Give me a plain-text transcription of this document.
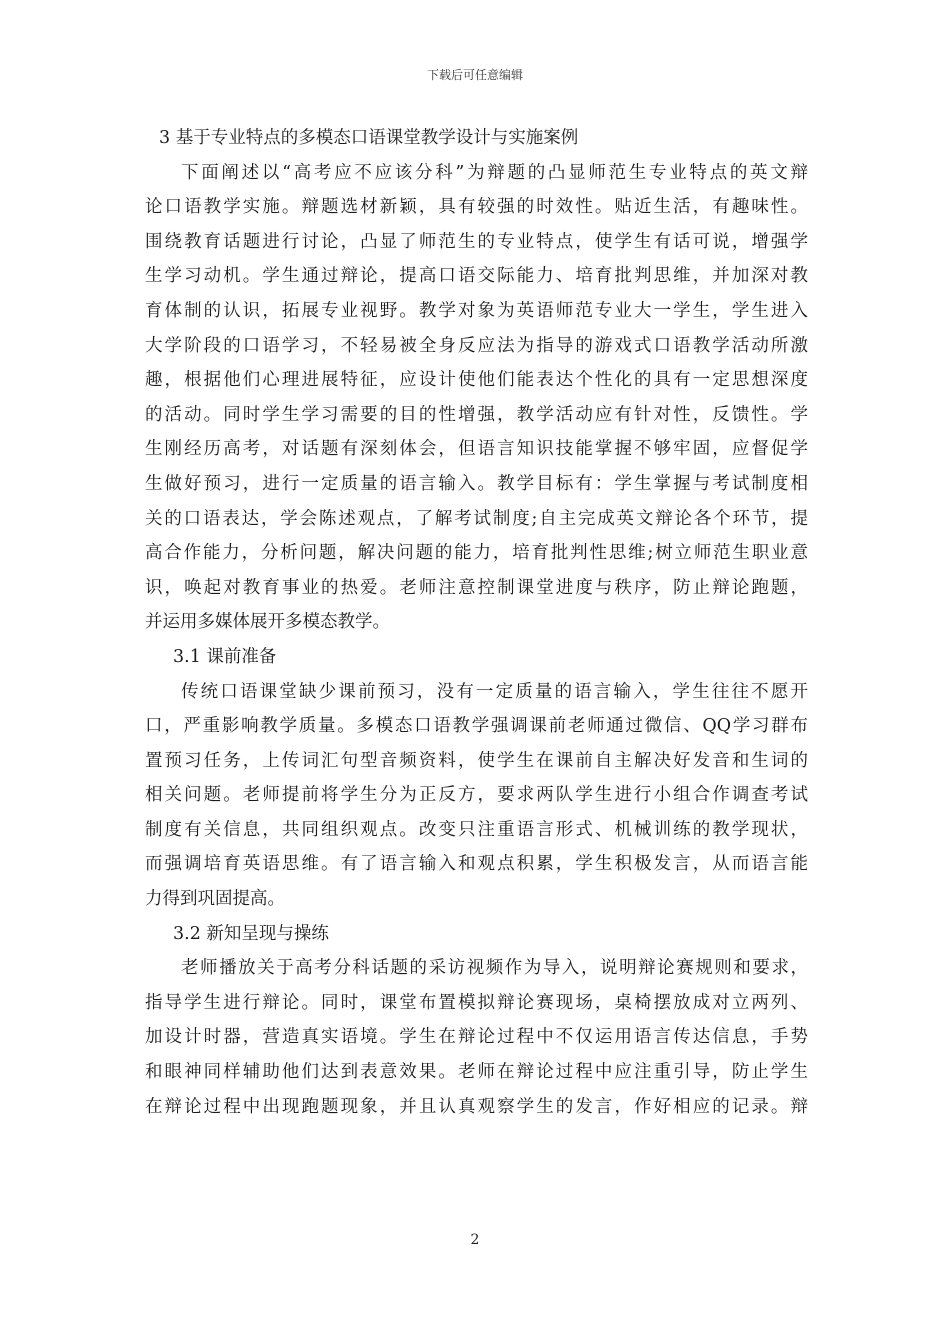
下载后可任意编辑
3 基于专业特点的多模态口语课堂教学设计与实施案例
下面阐述以“高考应不应该分科”为辩题的凸显师范生专业特点的英文辩
论口语教学实施。辩题选材新颖，具有较强的时效性。贴近生活，有趣味性。
围绕教育话题进行讨论，凸显了师范生的专业特点，使学生有话可说，增强学
生学习动机。学生通过辩论，提高口语交际能力、培育批判思维，并加深对教
育体制的认识，拓展专业视野。教学对象为英语师范专业大一学生，学生进入
大学阶段的口语学习，不轻易被全身反应法为指导的游戏式口语教学活动所激
趣，根据他们心理进展特征，应设计使他们能表达个性化的具有一定思想深度
的活动。同时学生学习需要的目的性增强，教学活动应有针对性，反馈性。学
生刚经历高考，对话题有深刻体会，但语言知识技能掌握不够牢固，应督促学
生做好预习，进行一定质量的语言输入。教学目标有：学生掌握与考试制度相
关的口语表达，学会陈述观点，了解考试制度;自主完成英文辩论各个环节，提
高合作能力，分析问题，解决问题的能力，培育批判性思维;树立师范生职业意
识，唤起对教育事业的热爱。老师注意控制课堂进度与秩序，防止辩论跑题，
并运用多媒体展开多模态教学。
3.1 课前准备
传统口语课堂缺少课前预习，没有一定质量的语言输入，学生往往不愿开
口，严重影响教学质量。多模态口语教学强调课前老师通过微信、QQ学习群布
置预习任务，上传词汇句型音频资料，使学生在课前自主解决好发音和生词的
相关问题。老师提前将学生分为正反方，要求两队学生进行小组合作调查考试
制度有关信息，共同组织观点。改变只注重语言形式、机械训练的教学现状，
而强调培育英语思维。有了语言输入和观点积累，学生积极发言，从而语言能
力得到巩固提高。
3.2 新知呈现与操练
老师播放关于高考分科话题的采访视频作为导入，说明辩论赛规则和要求，
指导学生进行辩论。同时，课堂布置模拟辩论赛现场，桌椅摆放成对立两列、
加设计时器，营造真实语境。学生在辩论过程中不仅运用语言传达信息，手势
和眼神同样辅助他们达到表意效果。老师在辩论过程中应注重引导，防止学生
在辩论过程中出现跑题现象，并且认真观察学生的发言，作好相应的记录。辩
2
